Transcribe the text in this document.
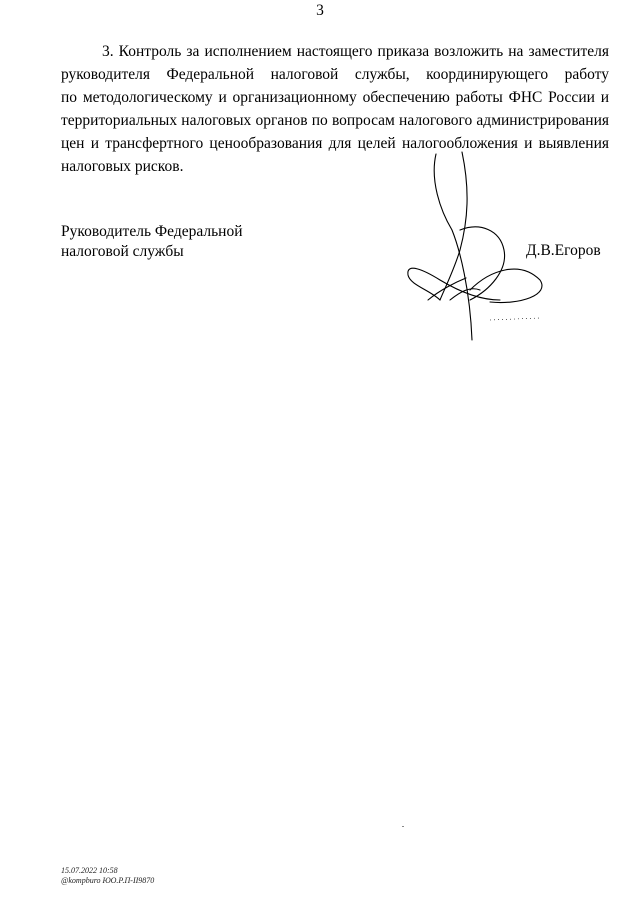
3
3. Контроль за исполнением настоящего приказа возложить на заместителя
руководителя Федеральной налоговой службы, координирующего работу
по методологическому и организационному обеспечению работы ФНС России и
территориальных налоговых органов по вопросам налогового администрирования
цен и трансфертного ценообразования для целей налогообложения и выявления
налоговых рисков.
Руководитель Федеральной
налоговой службы	Д.В.Егоров
15.07.2022 10:58
@kompburo ЮО.Р.П-II9870
